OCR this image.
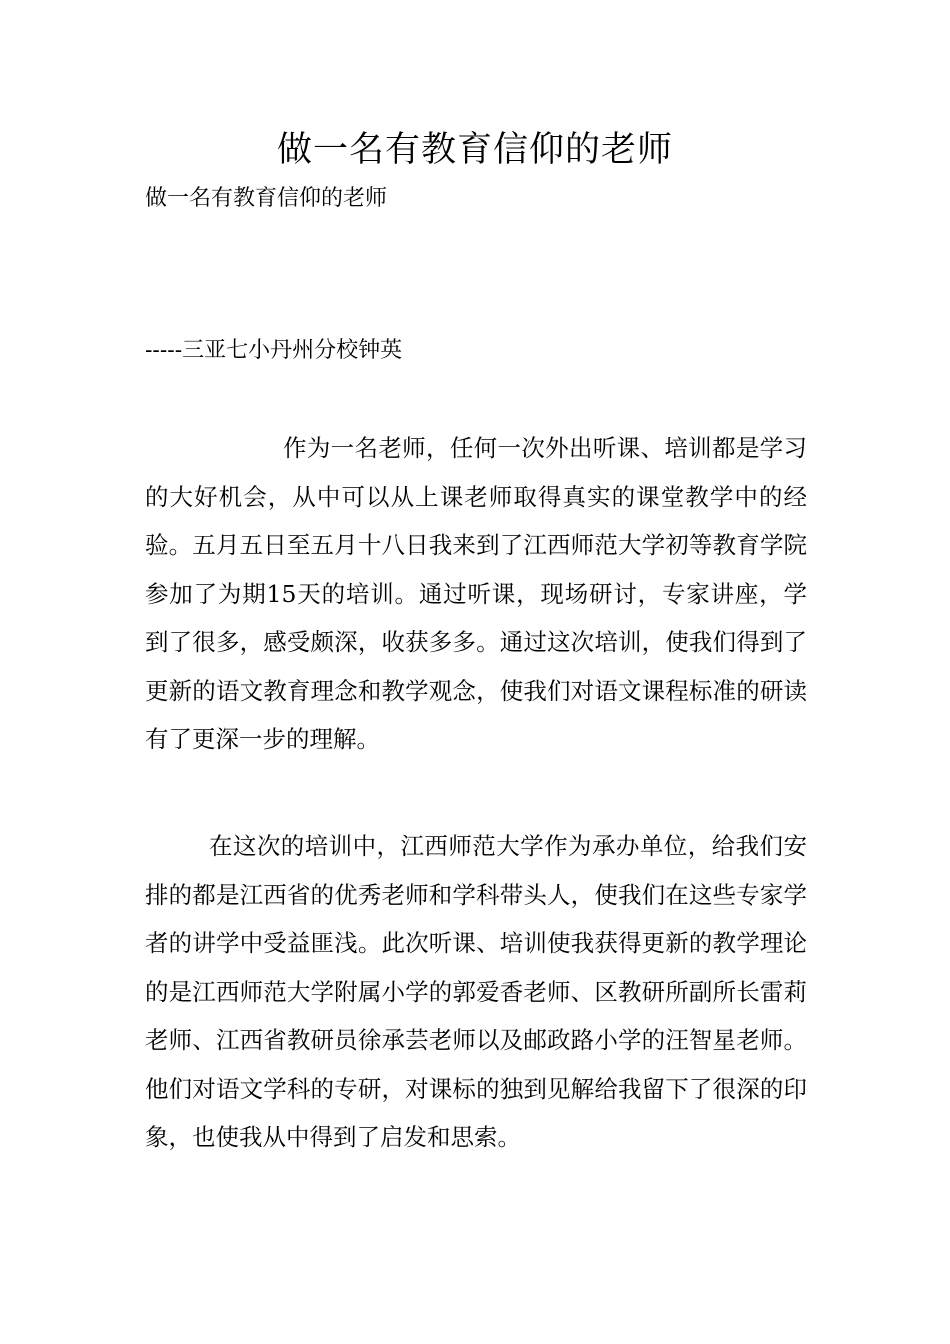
做一名有教育信仰的老师

做一名有教育信仰的老师

-----三亚七小丹州分校钟英

作为一名老师，任何一次外出听课、培训都是学习的大好机会，从中可以从上课老师取得真实的课堂教学中的经验。五月五日至五月十八日我来到了江西师范大学初等教育学院参加了为期15天的培训。通过听课，现场研讨，专家讲座，学到了很多，感受颇深，收获多多。通过这次培训，使我们得到了更新的语文教育理念和教学观念，使我们对语文课程标准的研读有了更深一步的理解。

在这次的培训中，江西师范大学作为承办单位，给我们安排的都是江西省的优秀老师和学科带头人，使我们在这些专家学者的讲学中受益匪浅。此次听课、培训使我获得更新的教学理论的是江西师范大学附属小学的郭爱香老师、区教研所副所长雷莉老师、江西省教研员徐承芸老师以及邮政路小学的汪智星老师。他们对语文学科的专研，对课标的独到见解给我留下了很深的印象，也使我从中得到了启发和思索。
